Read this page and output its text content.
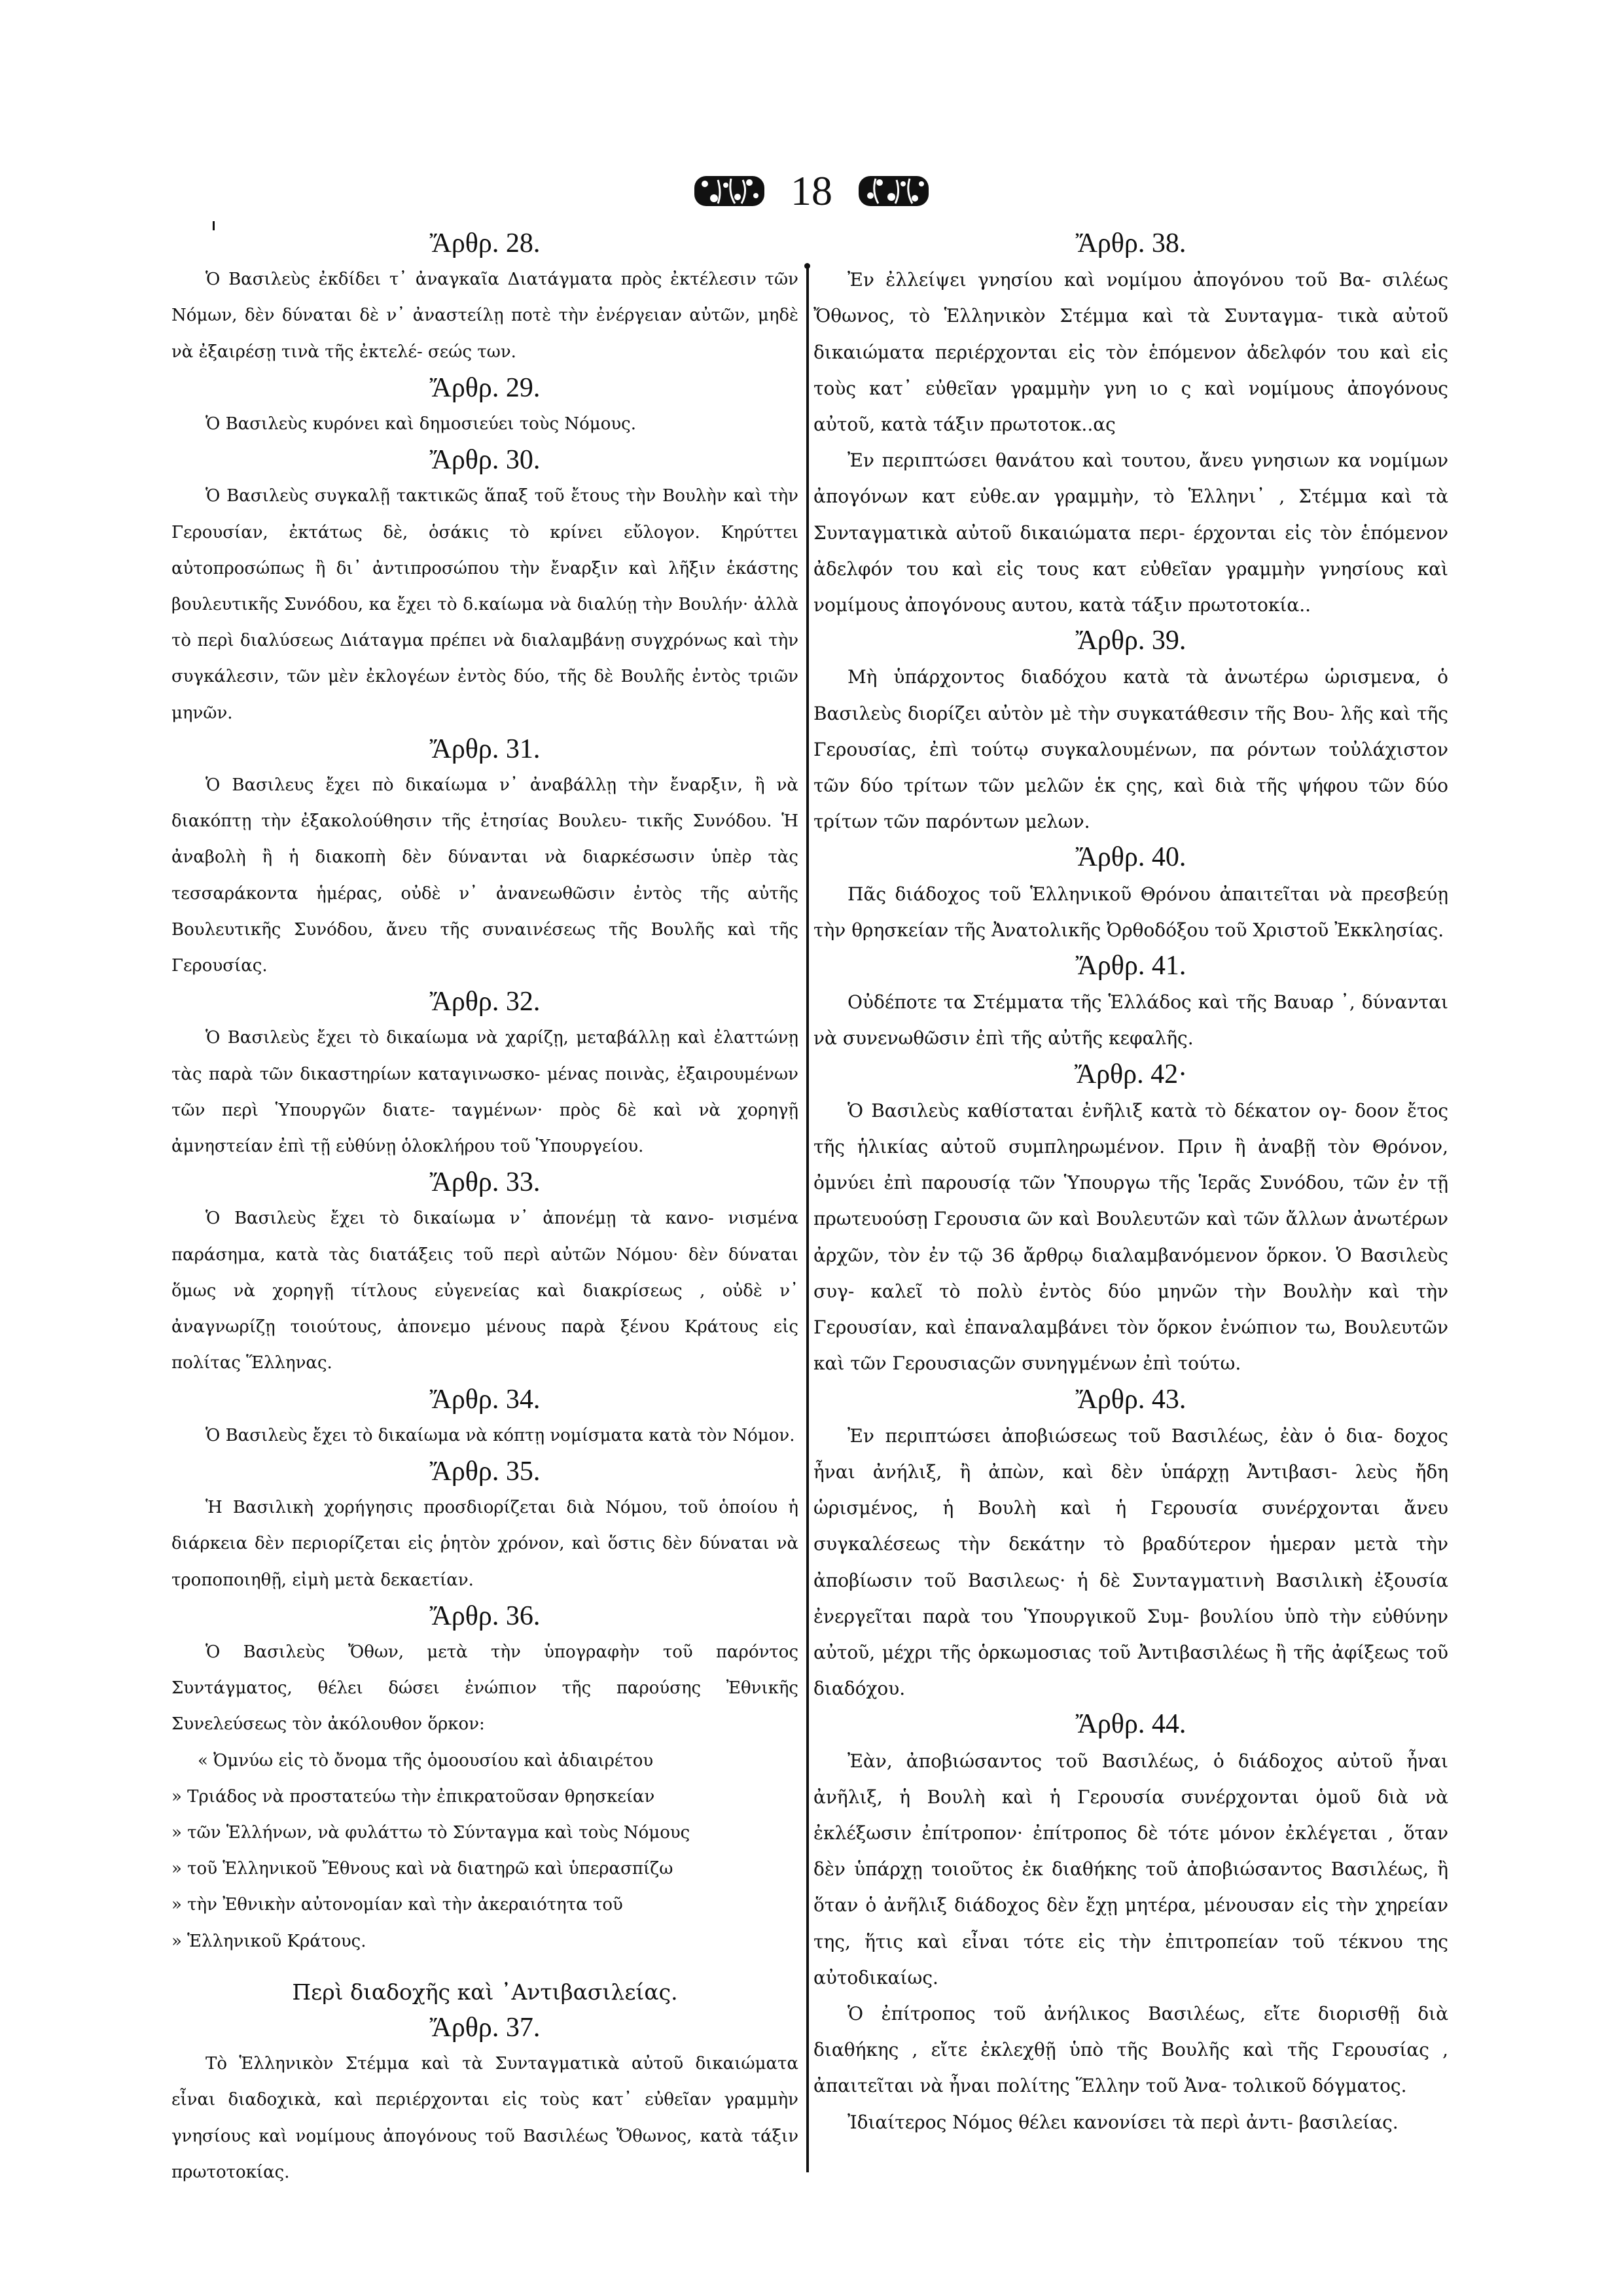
18
Ἄρθρ. 28.

Ὁ Βασιλεὺς ἐκδίδει τ᾽ ἀναγκαῖα Διατάγματα πρὸς ἐκτέλεσιν τῶν Νόμων, δὲν δύναται δὲ ν᾽ ἀναστείλῃ ποτὲ τὴν ἐνέργειαν αὐτῶν, μηδὲ νὰ ἐξαιρέσῃ τινὰ τῆς ἐκτελέ- σεώς των.

Ἄρθρ. 29.

Ὁ Βασιλεὺς κυρόνει καὶ δημοσιεύει τοὺς Νόμους.

Ἄρθρ. 30.

Ὁ Βασιλεὺς συγκαλῇ τακτικῶς ἅπαξ τοῦ ἔτους τὴν Βουλὴν καὶ τὴν Γερουσίαν, ἐκτάτως δὲ, ὁσάκις τὸ κρίνει εὔλογον. Κηρύττει αὐτοπροσώπως ἢ δι᾽ ἀντιπροσώπου τὴν ἔναρξιν καὶ λῆξιν ἑκάστης βουλευτικῆς Συνόδου, κα ἔχει τὸ δ.καίωμα νὰ διαλύῃ τὴν Βουλήν· ἀλλὰ τὸ περὶ διαλύσεως Διάταγμα πρέπει νὰ διαλαμβάνῃ συγχρόνως καὶ τὴν συγκάλεσιν, τῶν μὲν ἐκλογέων ἐντὸς δύο, τῆς δὲ Βουλῆς ἐντὸς τριῶν μηνῶν.

Ἄρθρ. 31.

Ὁ Βασιλευς ἔχει πὸ δικαίωμα ν᾽ ἀναβάλλῃ τὴν ἔναρξιν, ἢ νὰ διακόπτῃ τὴν ἐξακολούθησιν τῆς ἐτησίας Βουλευ- τικῆς Συνόδου. Ἡ ἀναβολὴ ἢ ἡ διακοπὴ δὲν δύνανται νὰ διαρκέσωσιν ὑπὲρ τὰς τεσσαράκοντα ἡμέρας, οὐδὲ ν᾽ ἀνανεωθῶσιν ἐντὸς τῆς αὐτῆς Βουλευτικῆς Συνόδου, ἄνευ τῆς συναινέσεως τῆς Βουλῆς καὶ τῆς Γερουσίας.

Ἄρθρ. 32.

Ὁ Βασιλεὺς ἔχει τὸ δικαίωμα νὰ χαρίζῃ, μεταβάλλῃ καὶ ἐλαττώνῃ τὰς παρὰ τῶν δικαστηρίων καταγινωσκο- μένας ποινὰς, ἐξαιρουμένων τῶν περὶ Ὑπουργῶν διατε- ταγμένων· πρὸς δὲ καὶ νὰ χορηγῇ ἀμνηστείαν ἐπὶ τῇ εὐθύνῃ ὁλοκλήρου τοῦ Ὑπουργείου.

Ἄρθρ. 33.

Ὁ Βασιλεὺς ἔχει τὸ δικαίωμα ν᾽ ἀπονέμῃ τὰ κανο- νισμένα παράσημα, κατὰ τὰς διατάξεις τοῦ περὶ αὐτῶν Νόμου· δὲν δύναται ὅμως νὰ χορηγῇ τίτλους εὐγενείας καὶ διακρίσεως , οὐδὲ ν᾽ ἀναγνωρίζῃ τοιούτους, ἀπονεμο μένους παρὰ ξένου Κράτους εἰς πολίτας Ἕλληνας.

Ἄρθρ. 34.

Ὁ Βασιλεὺς ἔχει τὸ δικαίωμα νὰ κόπτῃ νομίσματα κατὰ τὸν Νόμον.

Ἄρθρ. 35.

Ἡ Βασιλικὴ χορήγησις προσδιορίζεται διὰ Νόμου, τοῦ ὁποίου ἡ διάρκεια δὲν περιορίζεται εἰς ῥητὸν χρόνον, καὶ ὅστις δὲν δύναται νὰ τροποποιηθῇ, εἰμὴ μετὰ δεκαετίαν.

Ἄρθρ. 36.

Ὁ Βασιλεὺς Ὄθων, μετὰ τὴν ὑπογραφὴν τοῦ παρόντος Συντάγματος, θέλει δώσει ἐνώπιον τῆς παρούσης Ἐθνικῆς Συνελεύσεως τὸν ἀκόλουθον ὅρκον:

« Ὀμνύω εἰς τὸ ὄνομα τῆς ὁμοουσίου καὶ ἀδιαιρέτου

» Τριάδος νὰ προστατεύω τὴν ἐπικρατοῦσαν θρησκείαν

» τῶν Ἑλλήνων, νὰ φυλάττω τὸ Σύνταγμα καὶ τοὺς Νόμους

» τοῦ Ἑλληνικοῦ Ἔθνους καὶ νὰ διατηρῶ καὶ ὑπερασπίζω

» τὴν Ἐθνικὴν αὐτονομίαν καὶ τὴν ἀκεραιότητα τοῦ

» Ἑλληνικοῦ Κράτους.

Περὶ διαδοχῆς καὶ ᾽Αντιβασιλείας.
Ἄρθρ. 37.

Τὸ Ἑλληνικὸν Στέμμα καὶ τὰ Συνταγματικὰ αὐτοῦ δικαιώματα εἶναι διαδοχικὰ, καὶ περιέρχονται εἰς τοὺς κατ᾽ εὐθεῖαν γραμμὴν γνησίους καὶ νομίμους ἀπογόνους τοῦ Βασιλέως Ὄθωνος, κατὰ τάξιν πρωτοτοκίας.

Ἄρθρ. 38.

Ἐν ἐλλείψει γνησίου καὶ νομίμου ἀπογόνου τοῦ Βα- σιλέως Ὄθωνος, τὸ Ἑλληνικὸν Στέμμα καὶ τὰ Συνταγμα- τικὰ αὐτοῦ δικαιώματα περιέρχονται εἰς τὸν ἑπόμενον ἀδελφόν του καὶ εἰς τοὺς κατ᾽ εὐθεῖαν γραμμὴν γνη ιο ς καὶ νομίμους ἀπογόνους αὐτοῦ, κατὰ τάξιν πρωτοτοκ..ας

Ἐν περιπτώσει θανάτου καὶ τουτου, ἄνευ γνησιων κα νομίμων ἀπογόνων κατ εὐθε.αν γραμμὴν, τὸ Ἑλληνι᾽ , Στέμμα καὶ τὰ Συνταγματικὰ αὐτοῦ δικαιώματα περι- έρχονται εἰς τὸν ἑπόμενον ἀδελφόν του καὶ εἰς τους κατ εὐθεῖαν γραμμὴν γνησίους καὶ νομίμους ἀπογόνους αυτου, κατὰ τάξιν πρωτοτοκία..

Ἄρθρ. 39.

Μὴ ὑπάρχοντος διαδόχου κατὰ τὰ ἀνωτέρω ὡρισμενα, ὁ Βασιλεὺς διορίζει αὐτὸν μὲ τὴν συγκατάθεσιν τῆς Βου- λῆς καὶ τῆς Γερουσίας, ἐπὶ τούτῳ συγκαλουμένων, πα ρόντων τοὐλάχιστον τῶν δύο τρίτων τῶν μελῶν ἑκ ςης, καὶ διὰ τῆς ψήφου τῶν δύο τρίτων τῶν παρόντων μελων.

Ἄρθρ. 40.

Πᾶς διάδοχος τοῦ Ἑλληνικοῦ Θρόνου ἀπαιτεῖται νὰ πρεσβεύῃ τὴν θρησκείαν τῆς Ἀνατολικῆς Ὀρθοδόξου τοῦ Χριστοῦ Ἐκκλησίας.

Ἄρθρ. 41.

Οὐδέποτε τα Στέμματα τῆς Ἑλλάδος καὶ τῆς Βαυαρ ᾽, δύνανται νὰ συνενωθῶσιν ἐπὶ τῆς αὐτῆς κεφαλῆς.

Ἄρθρ. 42·

Ὁ Βασιλεὺς καθίσταται ἐνῆλιξ κατὰ τὸ δέκατον ογ- δοον ἔτος τῆς ἡλικίας αὐτοῦ συμπληρωμένον. Πριν ἢ ἀναβῇ τὸν Θρόνον, ὀμνύει ἐπὶ παρουσίᾳ τῶν Ὑπουργω τῆς Ἱερᾶς Συνόδου, τῶν ἐν τῇ πρωτευούσῃ Γερουσια ῶν καὶ Βουλευτῶν καὶ τῶν ἄλλων ἀνωτέρων ἀρχῶν, τὸν ἐν τῷ 36 ἄρθρῳ διαλαμβανόμενον ὅρκον. Ὁ Βασιλεὺς συγ- καλεῖ τὸ πολὺ ἐντὸς δύο μηνῶν τὴν Βουλὴν καὶ τὴν Γερουσίαν, καὶ ἐπαναλαμβάνει τὸν ὅρκον ἐνώπιον τω, Βουλευτῶν καὶ τῶν Γερουσιαςῶν συνηγμένων ἐπὶ τούτω.

Ἄρθρ. 43.

Ἐν περιπτώσει ἀποβιώσεως τοῦ Βασιλέως, ἐὰν ὁ δια- δοχος ἦναι ἀνήλιξ, ἢ ἀπὼν, καὶ δὲν ὑπάρχῃ Ἀντιβασι- λεὺς ἤδη ὡρισμένος, ἡ Βουλὴ καὶ ἡ Γερουσία συνέρχονται ἄνευ συγκαλέσεως τὴν δεκάτην τὸ βραδύτερον ἡμεραν μετὰ τὴν ἀποβίωσιν τοῦ Βασιλεως· ἡ δὲ Συνταγματινὴ Βασιλικὴ ἐξουσία ἐνεργεῖται παρὰ του Ὑπουργικοῦ Συμ- βουλίου ὑπὸ τὴν εὐθύνην αὐτοῦ, μέχρι τῆς ὁρκωμοσιας τοῦ Ἀντιβασιλέως ἢ τῆς ἀφίξεως τοῦ διαδόχου.

Ἄρθρ. 44.

Ἐὰν, ἀποβιώσαντος τοῦ Βασιλέως, ὁ διάδοχος αὐτοῦ ἦναι ἀνῆλιξ, ἡ Βουλὴ καὶ ἡ Γερουσία συνέρχονται ὁμοῦ διὰ νὰ ἐκλέξωσιν ἐπίτροπον· ἐπίτροπος δὲ τότε μόνον ἐκλέγεται , ὅταν δὲν ὑπάρχῃ τοιοῦτος ἐκ διαθήκης τοῦ ἀποβιώσαντος Βασιλέως, ἢ ὅταν ὁ ἀνῆλιξ διάδοχος δὲν ἔχῃ μητέρα, μένουσαν εἰς τὴν χηρείαν της, ἥτις καὶ εἶναι τότε εἰς τὴν ἐπιτροπείαν τοῦ τέκνου της αὐτοδικαίως.

Ὁ ἐπίτροπος τοῦ ἀνήλικος Βασιλέως, εἴτε διορισθῇ διὰ διαθήκης , εἴτε ἐκλεχθῇ ὑπὸ τῆς Βουλῆς καὶ τῆς Γερουσίας , ἀπαιτεῖται νὰ ἦναι πολίτης Ἕλλην τοῦ Ἀνα- τολικοῦ δόγματος.

Ἰδιαίτερος Νόμος θέλει κανονίσει τὰ περὶ ἀντι- βασιλείας.
